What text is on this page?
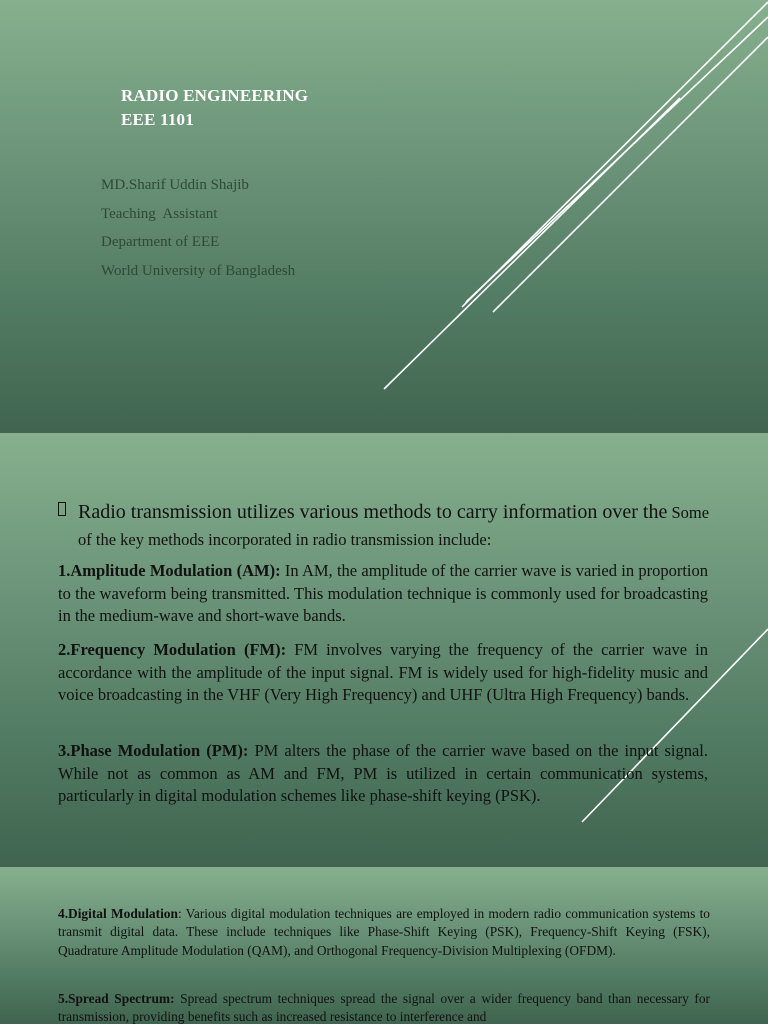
RADIO ENGINEERING
EEE 1101
MD.Sharif Uddin Shajib
Teaching  Assistant
Department of EEE
World University of Bangladesh
Radio transmission utilizes various methods to carry information over the Some of the key methods incorporated in radio transmission include:
1.Amplitude Modulation (AM): In AM, the amplitude of the carrier wave is varied in proportion to the waveform being transmitted. This modulation technique is commonly used for broadcasting in the medium-wave and short-wave bands.
2.Frequency Modulation (FM): FM involves varying the frequency of the carrier wave in accordance with the amplitude of the input signal. FM is widely used for high-fidelity music and voice broadcasting in the VHF (Very High Frequency) and UHF (Ultra High Frequency) bands.
3.Phase Modulation (PM): PM alters the phase of the carrier wave based on the input signal. While not as common as AM and FM, PM is utilized in certain communication systems, particularly in digital modulation schemes like phase-shift keying (PSK).
4.Digital Modulation: Various digital modulation techniques are employed in modern radio communication systems to transmit digital data. These include techniques like Phase-Shift Keying (PSK), Frequency-Shift Keying (FSK), Quadrature Amplitude Modulation (QAM), and Orthogonal Frequency-Division Multiplexing (OFDM).
5.Spread Spectrum: Spread spectrum techniques spread the signal over a wider frequency band than necessary for transmission, providing benefits such as increased resistance to interference and
